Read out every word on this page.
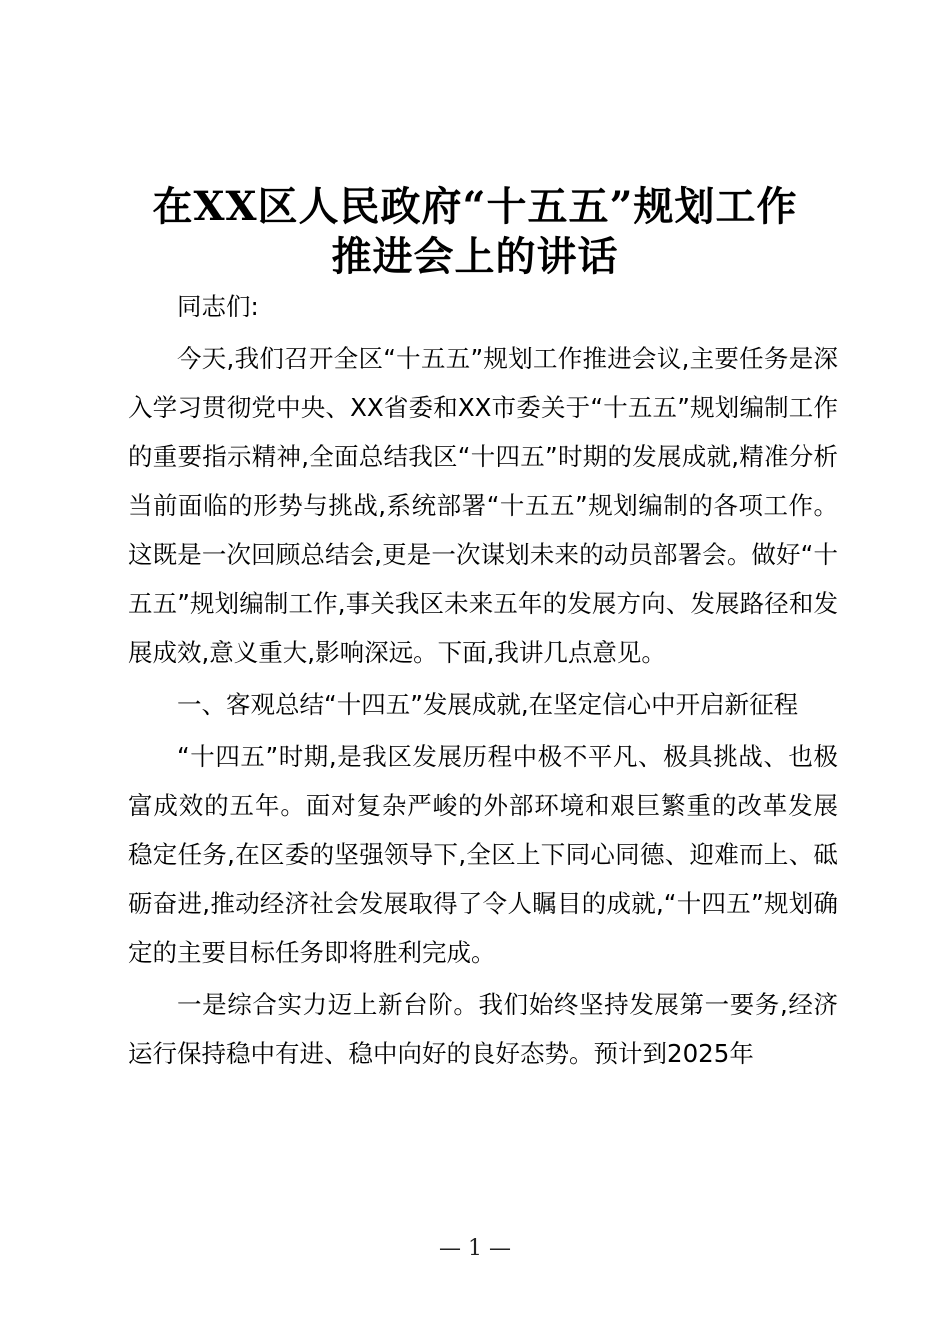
在XX区人民政府“十五五”规划工作
推进会上的讲话

同志们:

今天,我们召开全区“十五五”规划工作推进会议,主要任务是深入学习贯彻党中央、XX省委和XX市委关于“十五五”规划编制工作的重要指示精神,全面总结我区“十四五”时期的发展成就,精准分析当前面临的形势与挑战,系统部署“十五五”规划编制的各项工作。这既是一次回顾总结会,更是一次谋划未来的动员部署会。做好“十五五”规划编制工作,事关我区未来五年的发展方向、发展路径和发展成效,意义重大,影响深远。下面,我讲几点意见。

一、客观总结“十四五”发展成就,在坚定信心中开启新征程

“十四五”时期,是我区发展历程中极不平凡、极具挑战、也极富成效的五年。面对复杂严峻的外部环境和艰巨繁重的改革发展稳定任务,在区委的坚强领导下,全区上下同心同德、迎难而上、砥砺奋进,推动经济社会发展取得了令人瞩目的成就,“十四五”规划确定的主要目标任务即将胜利完成。

一是综合实力迈上新台阶。我们始终坚持发展第一要务,经济运行保持稳中有进、稳中向好的良好态势。预计到2025年

— 1 —
